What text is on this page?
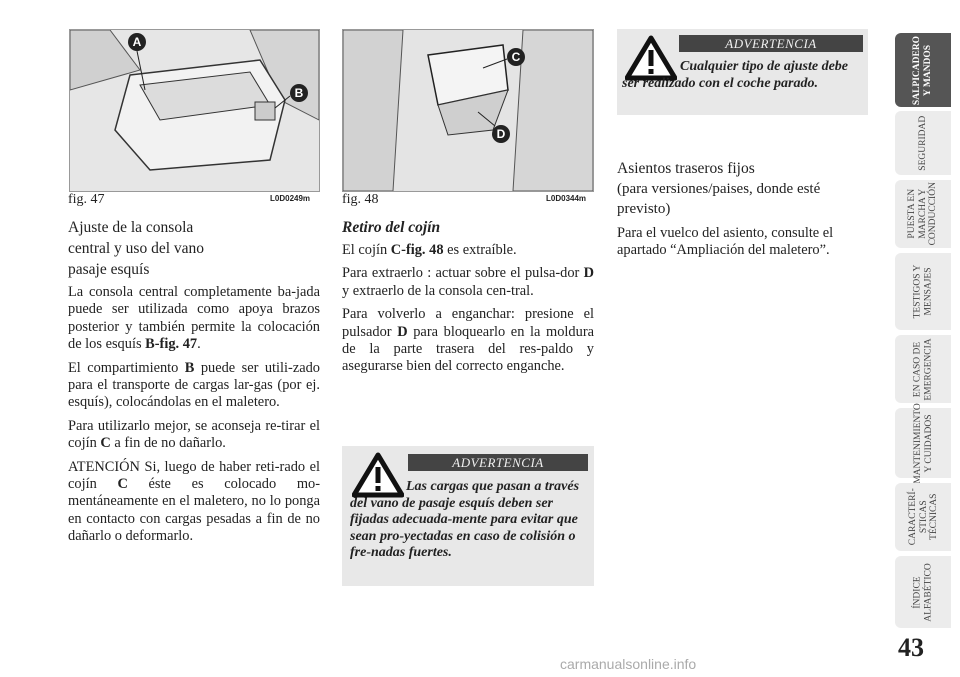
A
B
fig. 47	L0D0249m
C
D
fig. 48	L0D0344m
Ajuste de la consola
central y uso del vano
pasaje esquís

La consola central completamente ba-jada puede ser utilizada como apoya brazos posterior y también permite la colocación de los esquís B-fig. 47.

El compartimiento B puede ser utili-zado para el transporte de cargas lar-gas (por ej. esquís), colocándolas en el maletero.

Para utilizarlo mejor, se aconseja re-tirar el cojín C a fin de no dañarlo.

ATENCIÓN Si, luego de haber reti-rado el cojín C éste es colocado mo-mentáneamente en el maletero, no lo ponga en contacto con cargas pesadas a fin de no dañarlo o deformarlo.

Retiro del cojín

El cojín C-fig. 48 es extraíble.

Para extraerlo : actuar sobre el pulsa-dor D y extraerlo de la consola cen-tral.

Para volverlo a enganchar: presione el pulsador D para bloquearlo en la moldura de la parte trasera del res-paldo y asegurarse bien del correcto enganche.

ADVERTENCIA
Las cargas que pasan a través del vano de pasaje esquís deben ser fijadas adecuada-mente para evitar que sean pro-yectadas en caso de colisión o fre-nadas fuertes.
ADVERTENCIA
Cualquier tipo de ajuste debe ser realizado con el coche parado.
Asientos traseros fijos

(para versiones/paises, donde esté previsto)

Para el vuelco del asiento, consulte el apartado “Ampliación del maletero”.

SALPICADERO
Y MANDOS
SEGURIDAD
PUESTA EN
MARCHA Y
CONDUCCIÓN
TESTIGOS Y
MENSAJES
EN CASO DE
EMERGENCIA
MANTENIMIENTO
Y CUIDADOS
CARACTERÍ-
STICAS
TÉCNICAS
ÍNDICE
ALFABÉTICO
43
carmanualsonline.info
